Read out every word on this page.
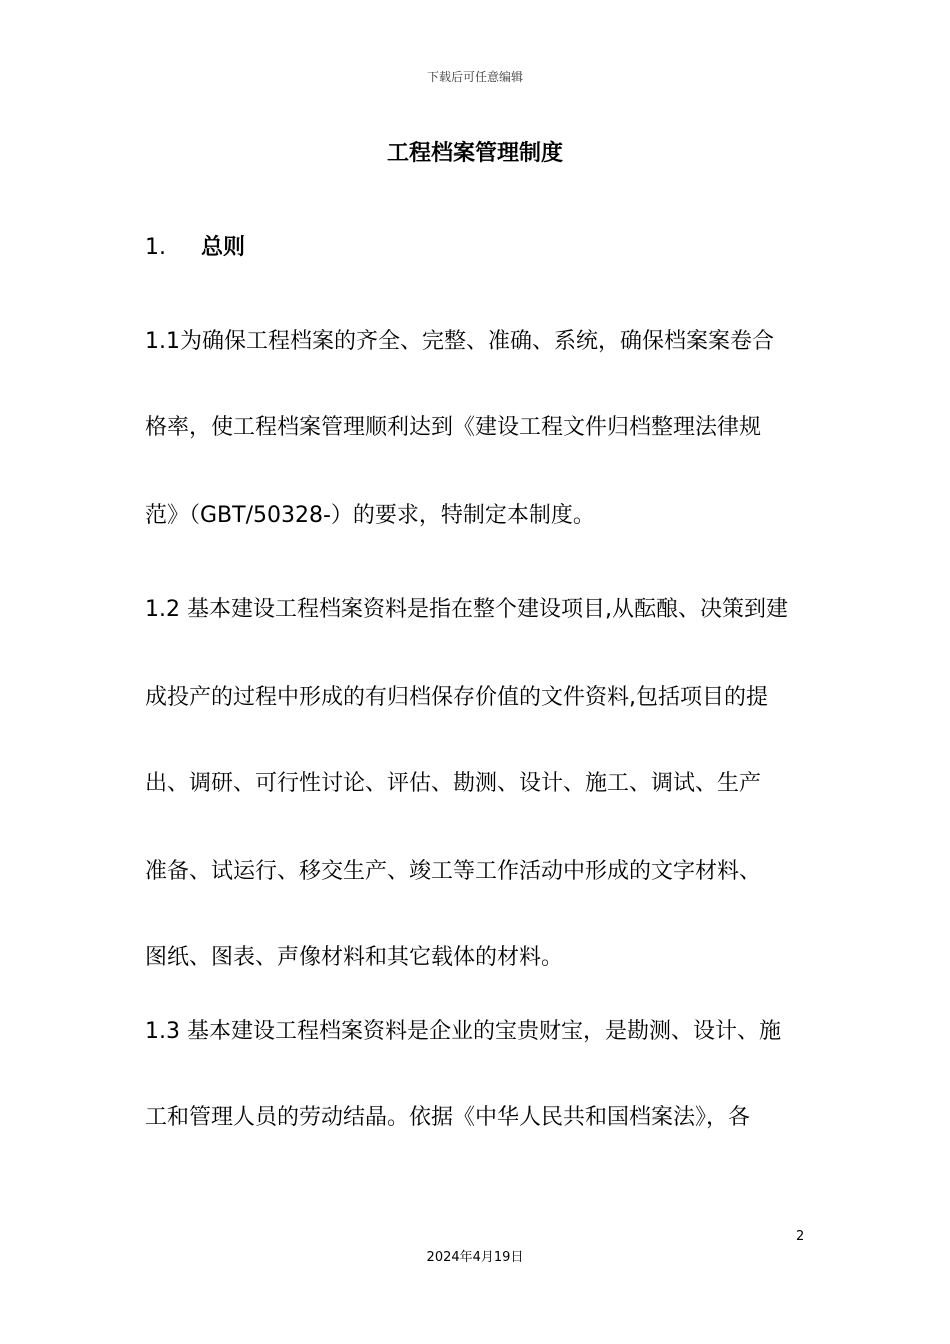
下载后可任意编辑
工程档案管理制度
1. 总则
1.1为确保工程档案的齐全、完整、准确、系统，确保档案案卷合
格率，使工程档案管理顺利达到《建设工程文件归档整理法律规
范》（GBT/50328-）的要求，特制定本制度。
1.2 基本建设工程档案资料是指在整个建设项目,从酝酿、决策到建
成投产的过程中形成的有归档保存价值的文件资料,包括项目的提
出、调研、可行性讨论、评估、勘测、设计、施工、调试、生产
准备、试运行、移交生产、竣工等工作活动中形成的文字材料、
图纸、图表、声像材料和其它载体的材料。
1.3 基本建设工程档案资料是企业的宝贵财宝，是勘测、设计、施
工和管理人员的劳动结晶。依据《中华人民共和国档案法》，各
2
2024年4月19日
